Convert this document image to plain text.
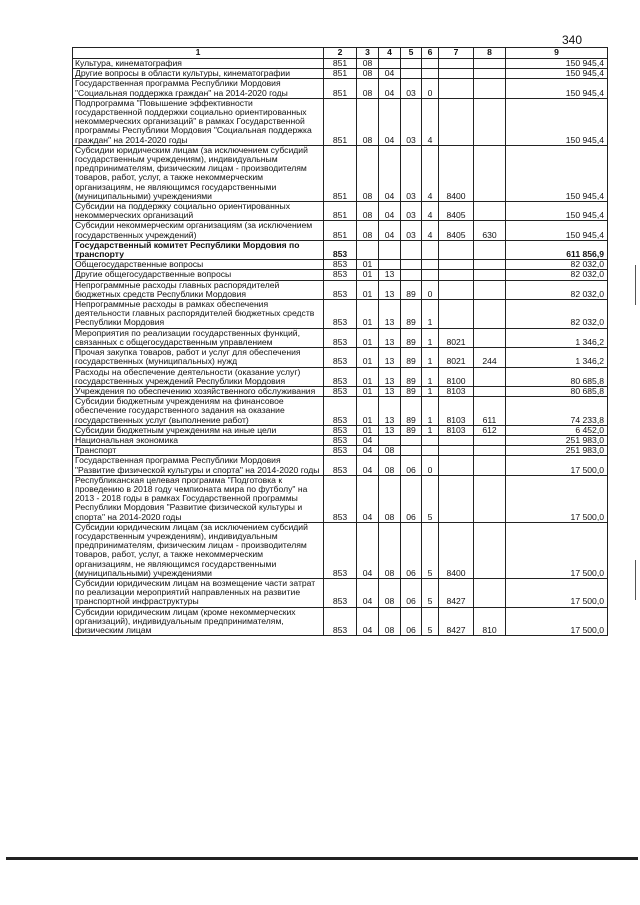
340
1	2	3	4	5	6	7	8	9
Культура, кинематография	851	08						150 945,4
Другие вопросы в области культуры, кинематографии	851	08	04					150 945,4
Государственная программа Республики Мордовия "Социальная поддержка граждан" на 2014-2020 годы	851	08	04	03	0			150 945,4
Подпрограмма "Повышение эффективности государственной поддержки социально ориентированных некоммерческих организаций" в рамках Государственной программы Республики Мордовия "Социальная поддержка граждан" на 2014-2020 годы	851	08	04	03	4			150 945,4
Субсидии юридическим лицам (за исключением субсидий государственным учреждениям), индивидуальным предпринимателям, физическим лицам - производителям товаров, работ, услуг, а также некоммерческим организациям, не являющимся государственными (муниципальными) учреждениями	851	08	04	03	4	8400		150 945,4
Субсидии на поддержку социально ориентированных некоммерческих организаций	851	08	04	03	4	8405		150 945,4
Субсидии некоммерческим организациям (за исключением государственных учреждений)	851	08	04	03	4	8405	630	150 945,4
Государственный комитет Республики Мордовия по транспорту	853							611 856,9
Общегосударственные вопросы	853	01						82 032,0
Другие общегосударственные вопросы	853	01	13					82 032,0
Непрограммные расходы главных распорядителей бюджетных средств Республики Мордовия	853	01	13	89	0			82 032,0
Непрограммные расходы в рамках обеспечения деятельности главных распорядителей бюджетных средств Республики Мордовия	853	01	13	89	1			82 032,0
Мероприятия по реализации государственных функций, связанных с общегосударственным управлением	853	01	13	89	1	8021		1 346,2
Прочая закупка товаров, работ и услуг для обеспечения государственных (муниципальных) нужд	853	01	13	89	1	8021	244	1 346,2
Расходы на обеспечение деятельности (оказание услуг) государственных учреждений Республики Мордовия	853	01	13	89	1	8100		80 685,8
Учреждения по обеспечению хозяйственного обслуживания	853	01	13	89	1	8103		80 685,8
Субсидии бюджетным учреждениям на финансовое обеспечение государственного задания на оказание государственных услуг (выполнение работ)	853	01	13	89	1	8103	611	74 233,8
Субсидии бюджетным учреждениям на иные цели	853	01	13	89	1	8103	612	6 452,0
Национальная экономика	853	04						251 983,0
Транспорт	853	04	08					251 983,0
Государственная программа Республики Мордовия "Развитие физической культуры и спорта" на 2014-2020 годы	853	04	08	06	0			17 500,0
Республиканская целевая программа "Подготовка к проведению в 2018 году чемпионата мира по футболу" на 2013 - 2018 годы в рамках Государственной программы Республики Мордовия "Развитие физической культуры и спорта" на 2014-2020 годы	853	04	08	06	5			17 500,0
Субсидии юридическим лицам (за исключением субсидий государственным учреждениям), индивидуальным предпринимателям, физическим лицам - производителям товаров, работ, услуг, а также некоммерческим организациям, не являющимся государственными (муниципальными) учреждениями	853	04	08	06	5	8400		17 500,0
Субсидии юридическим лицам на возмещение части затрат по реализации мероприятий направленных на развитие транспортной инфраструктуры	853	04	08	06	5	8427		17 500,0
Субсидии юридическим лицам (кроме некоммерческих организаций), индивидуальным предпринимателям, физическим лицам	853	04	08	06	5	8427	810	17 500,0
